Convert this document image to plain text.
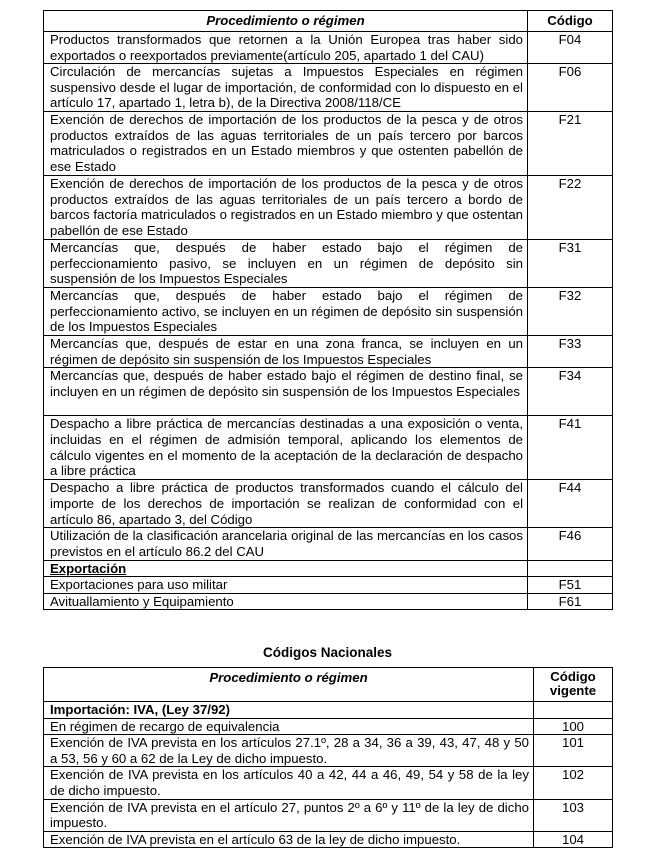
Procedimiento o régimen	Código
Productos transformados que retornen a la Unión Europea tras haber sido exportados o reexportados previamente(artículo 205, apartado 1 del CAU)	F04
Circulación de mercancías sujetas a Impuestos Especiales en régimen suspensivo desde el lugar de importación, de conformidad con lo dispuesto en el artículo 17, apartado 1, letra b), de la Directiva 2008/118/CE	F06
Exención de derechos de importación de los productos de la pesca y de otros productos extraídos de las aguas territoriales de un país tercero por barcos matriculados o registrados en un Estado miembros y que ostenten pabellón de ese Estado	F21
Exención de derechos de importación de los productos de la pesca y de otros productos extraídos de las aguas territoriales de un país tercero a bordo de barcos factoría matriculados o registrados en un Estado miembro y que ostentan pabellón de ese Estado	F22
Mercancías que, después de haber estado bajo el régimen de perfeccionamiento pasivo, se incluyen en un régimen de depósito sin suspensión de los Impuestos Especiales	F31
Mercancías que, después de haber estado bajo el régimen de perfeccionamiento activo, se incluyen en un régimen de depósito sin suspensión de los Impuestos Especiales	F32
Mercancías que, después de estar en una zona franca, se incluyen en un régimen de depósito sin suspensión de los Impuestos Especiales	F33
Mercancías que, después de haber estado bajo el régimen de destino final, se incluyen en un régimen de depósito sin suspensión de los Impuestos Especiales	F34
Despacho a libre práctica de mercancías destinadas a una exposición o venta, incluidas en el régimen de admisión temporal, aplicando los elementos de cálculo vigentes en el momento de la aceptación de la declaración de despacho a libre práctica	F41
Despacho a libre práctica de productos transformados cuando el cálculo del importe de los derechos de importación se realizan de conformidad con el artículo 86, apartado 3, del Código	F44
Utilización de la clasificación arancelaria original de las mercancías en los casos previstos en el artículo 86.2 del CAU	F46
Exportación	
Exportaciones para uso militar	F51
Avituallamiento y Equipamiento	F61
Códigos Nacionales
Procedimiento o régimen	Código
vigente

Importación: IVA, (Ley 37/92)	
En régimen de recargo de equivalencia	100
Exención de IVA prevista en los artículos 27.1º, 28 a 34, 36 a 39, 43, 47, 48 y 50 a 53, 56 y 60 a 62 de la Ley de dicho impuesto.	101
Exención de IVA prevista en los artículos 40 a 42, 44 a 46, 49, 54 y 58 de la ley de dicho impuesto.	102
Exención de IVA prevista en el artículo 27, puntos 2º a 6º y 11º de la ley de dicho impuesto.	103
Exención de IVA prevista en el artículo 63 de la ley de dicho impuesto.	104
